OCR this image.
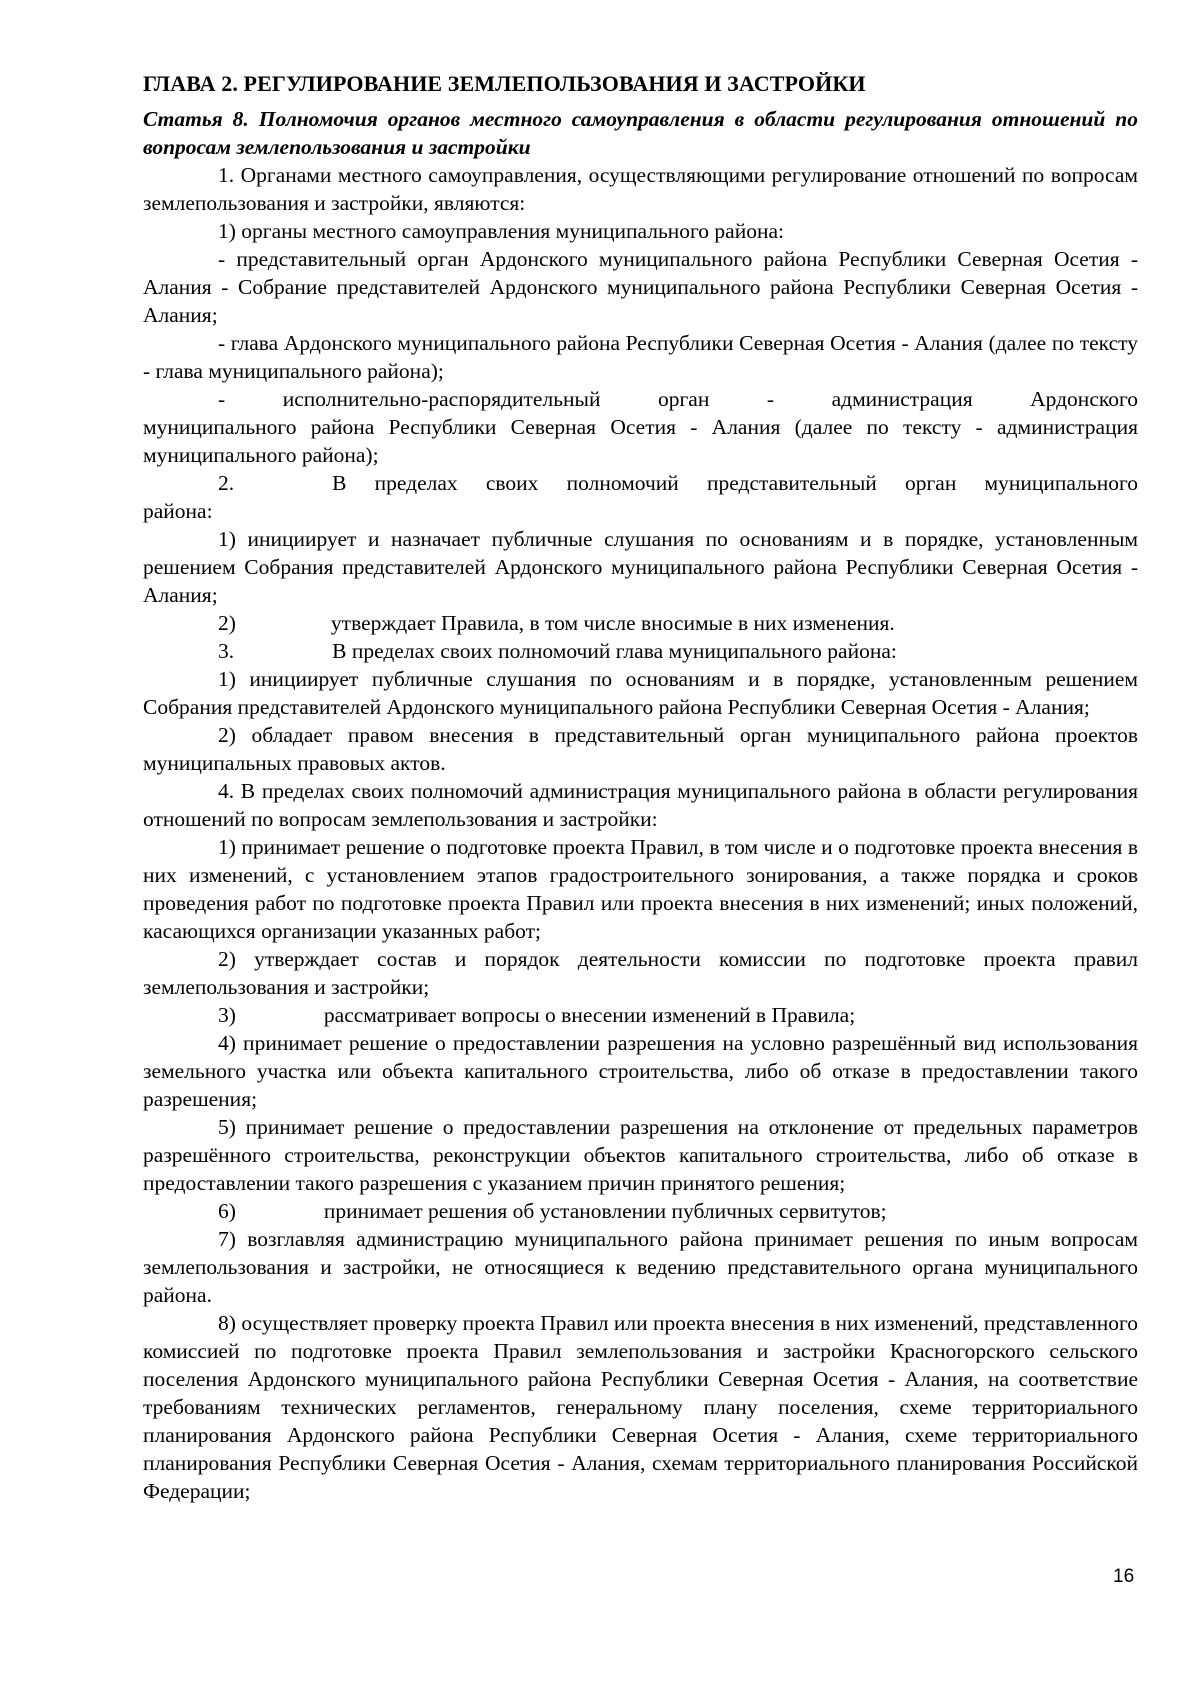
ГЛАВА 2. РЕГУЛИРОВАНИЕ ЗЕМЛЕПОЛЬЗОВАНИЯ И ЗАСТРОЙКИ

Статья 8. Полномочия органов местного самоуправления в области регулирования отношений по вопросам землепользования и застройки

1. Органами местного самоуправления, осуществляющими регулирование отношений по вопросам землепользования и застройки, являются:

1) органы местного самоуправления муниципального района:

- представительный орган Ардонского муниципального района Республики Северная Осетия - Алания - Собрание представителей Ардонского муниципального района Республики Северная Осетия - Алания;

- глава Ардонского муниципального района Республики Северная Осетия - Алания (далее по тексту - глава муниципального района);

- исполнительно-распорядительный орган - администрация Ардонского

муниципального района Республики Северная Осетия - Алания (далее по тексту - администрация муниципального района);

2.	В пределах своих полномочий представительный орган муниципального

района:

1) инициирует и назначает публичные слушания по основаниям и в порядке, установленным решением Собрания представителей Ардонского муниципального района Республики Северная Осетия - Алания;

2)	утверждает Правила, в том числе вносимые в них изменения.
3.	В пределах своих полномочий глава муниципального района:

1) инициирует публичные слушания по основаниям и в порядке, установленным решением Собрания представителей Ардонского муниципального района Республики Северная Осетия - Алания;

2) обладает правом внесения в представительный орган муниципального района проектов муниципальных правовых актов.

4. В пределах своих полномочий администрация муниципального района в области регулирования отношений по вопросам землепользования и застройки:

1) принимает решение о подготовке проекта Правил, в том числе и о подготовке проекта внесения в них изменений, с установлением этапов градостроительного зонирования, а также порядка и сроков проведения работ по подготовке проекта Правил или проекта внесения в них изменений; иных положений, касающихся организации указанных работ;

2) утверждает состав и порядок деятельности комиссии по подготовке проекта правил землепользования и застройки;

3)	рассматривает вопросы о внесении изменений в Правила;

4) принимает решение о предоставлении разрешения на условно разрешённый вид использования земельного участка или объекта капитального строительства, либо об отказе в предоставлении такого разрешения;

5) принимает решение о предоставлении разрешения на отклонение от предельных параметров разрешённого строительства, реконструкции объектов капитального строительства, либо об отказе в предоставлении такого разрешения с указанием причин принятого решения;

6)	принимает решения об установлении публичных сервитутов;

7) возглавляя администрацию муниципального района принимает решения по иным вопросам землепользования и застройки, не относящиеся к ведению представительного органа муниципального района.

8) осуществляет проверку проекта Правил или проекта внесения в них изменений, представленного комиссией по подготовке проекта Правил землепользования и застройки Красногорского сельского поселения Ардонского муниципального района Республики Северная Осетия - Алания, на соответствие требованиям технических регламентов, генеральному плану поселения, схеме территориального планирования Ардонского района Республики Северная Осетия - Алания, схеме территориального планирования Республики Северная Осетия - Алания, схемам территориального планирования Российской Федерации;

16
